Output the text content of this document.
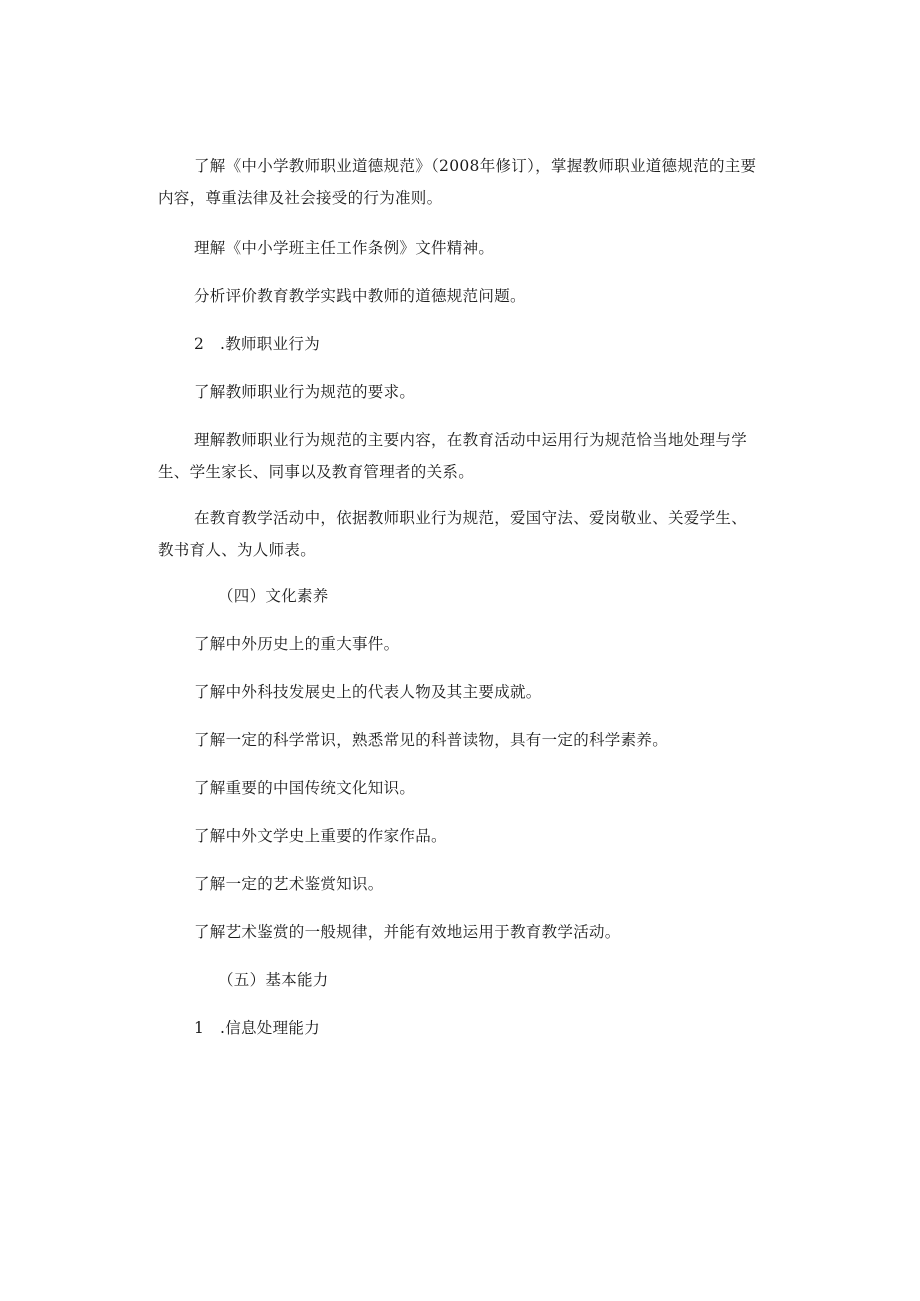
了解《中小学教师职业道德规范》（2008年修订），掌握教师职业道德规范的主要内容，尊重法律及社会接受的行为准则。

理解《中小学班主任工作条例》文件精神。

分析评价教育教学实践中教师的道德规范问题。

2　.教师职业行为

了解教师职业行为规范的要求。

理解教师职业行为规范的主要内容，在教育活动中运用行为规范恰当地处理与学生、学生家长、同事以及教育管理者的关系。

在教育教学活动中，依据教师职业行为规范，爱国守法、爱岗敬业、关爱学生、教书育人、为人师表。

（四）文化素养

了解中外历史上的重大事件。

了解中外科技发展史上的代表人物及其主要成就。

了解一定的科学常识，熟悉常见的科普读物，具有一定的科学素养。

了解重要的中国传统文化知识。

了解中外文学史上重要的作家作品。

了解一定的艺术鉴赏知识。

了解艺术鉴赏的一般规律，并能有效地运用于教育教学活动。

（五）基本能力

1　.信息处理能力
